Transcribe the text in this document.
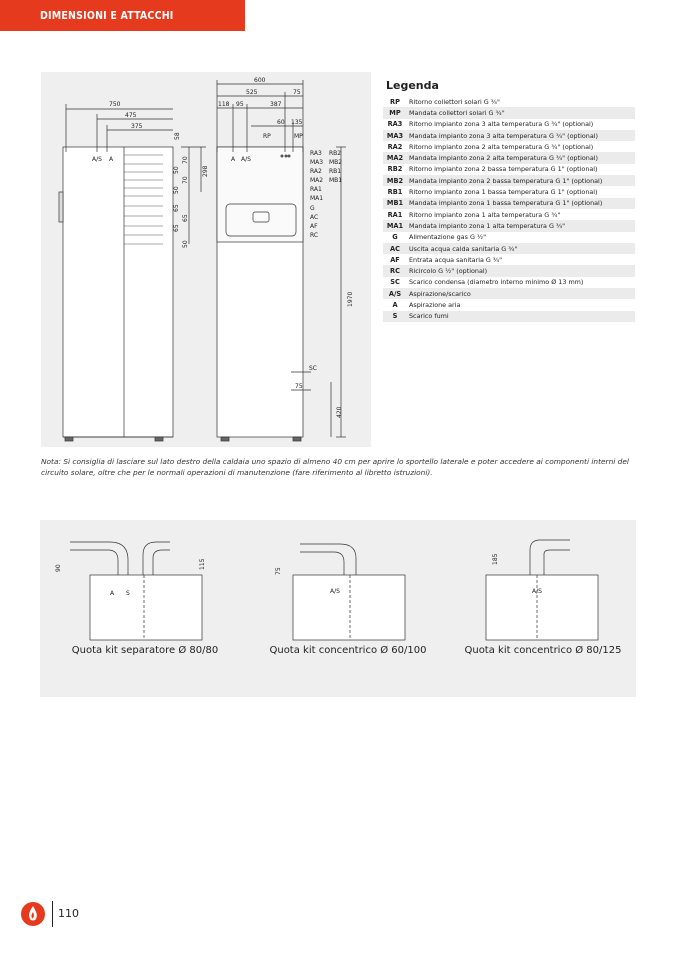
DIMENSIONI E ATTACCHI
750
475
375
58
298
A/S A	70
50
70
50
65
65
65
50
600
525	75
118 95	387
60 135
RP	MP
A A/S
RA3
MA3
RA2
MA2
RA1
MA1
G
AC
AF
RC
RB2
RB1
MB2
MB1
1970
420
SC
75
Legenda
RP	Ritorno collettori solari G ¾"
MP	Mandata collettori solari G ¾"
RA3	Ritorno impianto zona 3 alta temperatura G ¾" (optional)
MA3 Mandata impianto zona 3 alta temperatura G ¾" (optional)
RA2	Ritorno impianto zona 2 alta temperatura G ¾" (optional)
MA2 Mandata impianto zona 2 alta temperatura G ¾" (optional)
RB2	Ritorno impianto zona 2 bassa temperatura G 1" (optional)
MB2 Mandata impianto zona 2 bassa temperatura G 1" (optional)
RB1	Ritorno impianto zona 1 bassa temperatura G 1" (optional)
MB1 Mandata impianto zona 1 bassa temperatura G 1" (optional)
RA1	Ritorno impianto zona 1 alta temperatura G ¾"
MA1 Mandata impianto zona 1 alta temperatura G ¾"
G	Alimentazione gas G ½"
AC	Uscita acqua calda sanitaria G ¾"
AF	Entrata acqua sanitaria G ¾"
RC	Ricircolo G ½" (optional)
SC	Scarico condensa (diametro interno minimo Ø 13 mm)
A/S	Aspirazione/scarico
A	Aspirazione aria
S	Scarico fumi
Nota: Si consiglia di lasciare sul lato destro della caldaia uno spazio di almeno 40 cm per aprire lo sportello laterale e poter accedere ai componenti interni del circuito solare, oltre che per le normali operazioni di manutenzione (fare riferimento al libretto istruzioni).
90	115
A S
75
A/S
185
A/S
Quota kit separatore Ø 80/80	Quota kit concentrico Ø 60/100	Quota kit concentrico Ø 80/125
110
